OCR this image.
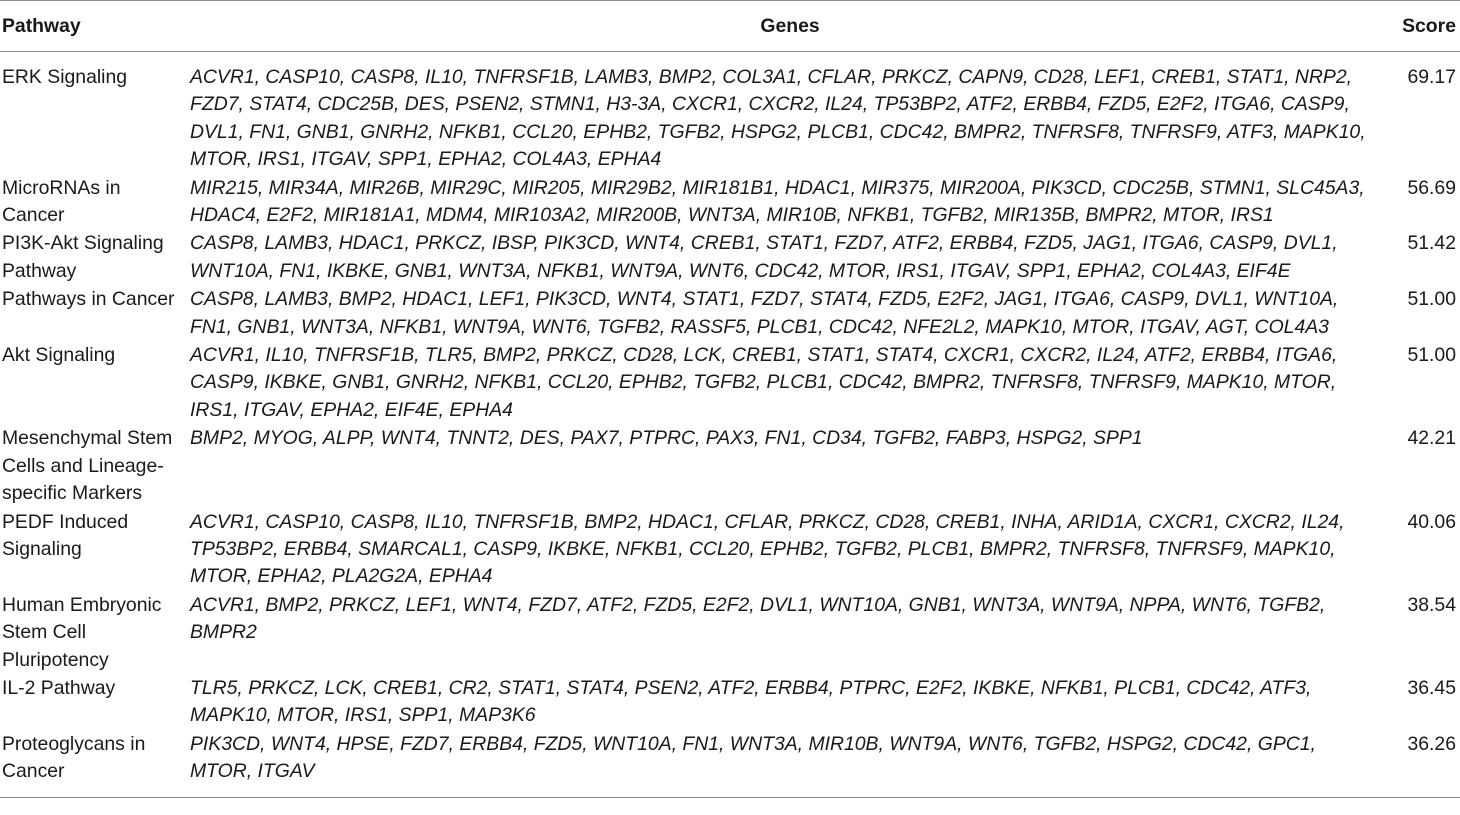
Pathway	Genes	Score
ERK Signaling	ACVR1, CASP10, CASP8, IL10, TNFRSF1B, LAMB3, BMP2, COL3A1, CFLAR, PRKCZ, CAPN9, CD28, LEF1, CREB1, STAT1, NRP2, FZD7, STAT4, CDC25B, DES, PSEN2, STMN1, H3-3A, CXCR1, CXCR2, IL24, TP53BP2, ATF2, ERBB4, FZD5, E2F2, ITGA6, CASP9, DVL1, FN1, GNB1, GNRH2, NFKB1, CCL20, EPHB2, TGFB2, HSPG2, PLCB1, CDC42, BMPR2, TNFRSF8, TNFRSF9, ATF3, MAPK10, MTOR, IRS1, ITGAV, SPP1, EPHA2, COL4A3, EPHA4	69.17
MicroRNAs in Cancer	MIR215, MIR34A, MIR26B, MIR29C, MIR205, MIR29B2, MIR181B1, HDAC1, MIR375, MIR200A, PIK3CD, CDC25B, STMN1, SLC45A3, HDAC4, E2F2, MIR181A1, MDM4, MIR103A2, MIR200B, WNT3A, MIR10B, NFKB1, TGFB2, MIR135B, BMPR2, MTOR, IRS1	56.69
PI3K-Akt Signaling Pathway	CASP8, LAMB3, HDAC1, PRKCZ, IBSP, PIK3CD, WNT4, CREB1, STAT1, FZD7, ATF2, ERBB4, FZD5, JAG1, ITGA6, CASP9, DVL1, WNT10A, FN1, IKBKE, GNB1, WNT3A, NFKB1, WNT9A, WNT6, CDC42, MTOR, IRS1, ITGAV, SPP1, EPHA2, COL4A3, EIF4E	51.42
Pathways in Cancer	CASP8, LAMB3, BMP2, HDAC1, LEF1, PIK3CD, WNT4, STAT1, FZD7, STAT4, FZD5, E2F2, JAG1, ITGA6, CASP9, DVL1, WNT10A, FN1, GNB1, WNT3A, NFKB1, WNT9A, WNT6, TGFB2, RASSF5, PLCB1, CDC42, NFE2L2, MAPK10, MTOR, ITGAV, AGT, COL4A3	51.00
Akt Signaling	ACVR1, IL10, TNFRSF1B, TLR5, BMP2, PRKCZ, CD28, LCK, CREB1, STAT1, STAT4, CXCR1, CXCR2, IL24, ATF2, ERBB4, ITGA6, CASP9, IKBKE, GNB1, GNRH2, NFKB1, CCL20, EPHB2, TGFB2, PLCB1, CDC42, BMPR2, TNFRSF8, TNFRSF9, MAPK10, MTOR, IRS1, ITGAV, EPHA2, EIF4E, EPHA4	51.00
Mesenchymal Stem Cells and Lineage-specific Markers	BMP2, MYOG, ALPP, WNT4, TNNT2, DES, PAX7, PTPRC, PAX3, FN1, CD34, TGFB2, FABP3, HSPG2, SPP1	42.21
PEDF Induced Signaling	ACVR1, CASP10, CASP8, IL10, TNFRSF1B, BMP2, HDAC1, CFLAR, PRKCZ, CD28, CREB1, INHA, ARID1A, CXCR1, CXCR2, IL24, TP53BP2, ERBB4, SMARCAL1, CASP9, IKBKE, NFKB1, CCL20, EPHB2, TGFB2, PLCB1, BMPR2, TNFRSF8, TNFRSF9, MAPK10, MTOR, EPHA2, PLA2G2A, EPHA4	40.06
Human Embryonic Stem Cell Pluripotency	ACVR1, BMP2, PRKCZ, LEF1, WNT4, FZD7, ATF2, FZD5, E2F2, DVL1, WNT10A, GNB1, WNT3A, WNT9A, NPPA, WNT6, TGFB2, BMPR2	38.54
IL-2 Pathway	TLR5, PRKCZ, LCK, CREB1, CR2, STAT1, STAT4, PSEN2, ATF2, ERBB4, PTPRC, E2F2, IKBKE, NFKB1, PLCB1, CDC42, ATF3, MAPK10, MTOR, IRS1, SPP1, MAP3K6	36.45
Proteoglycans in Cancer	PIK3CD, WNT4, HPSE, FZD7, ERBB4, FZD5, WNT10A, FN1, WNT3A, MIR10B, WNT9A, WNT6, TGFB2, HSPG2, CDC42, GPC1, MTOR, ITGAV	36.26
